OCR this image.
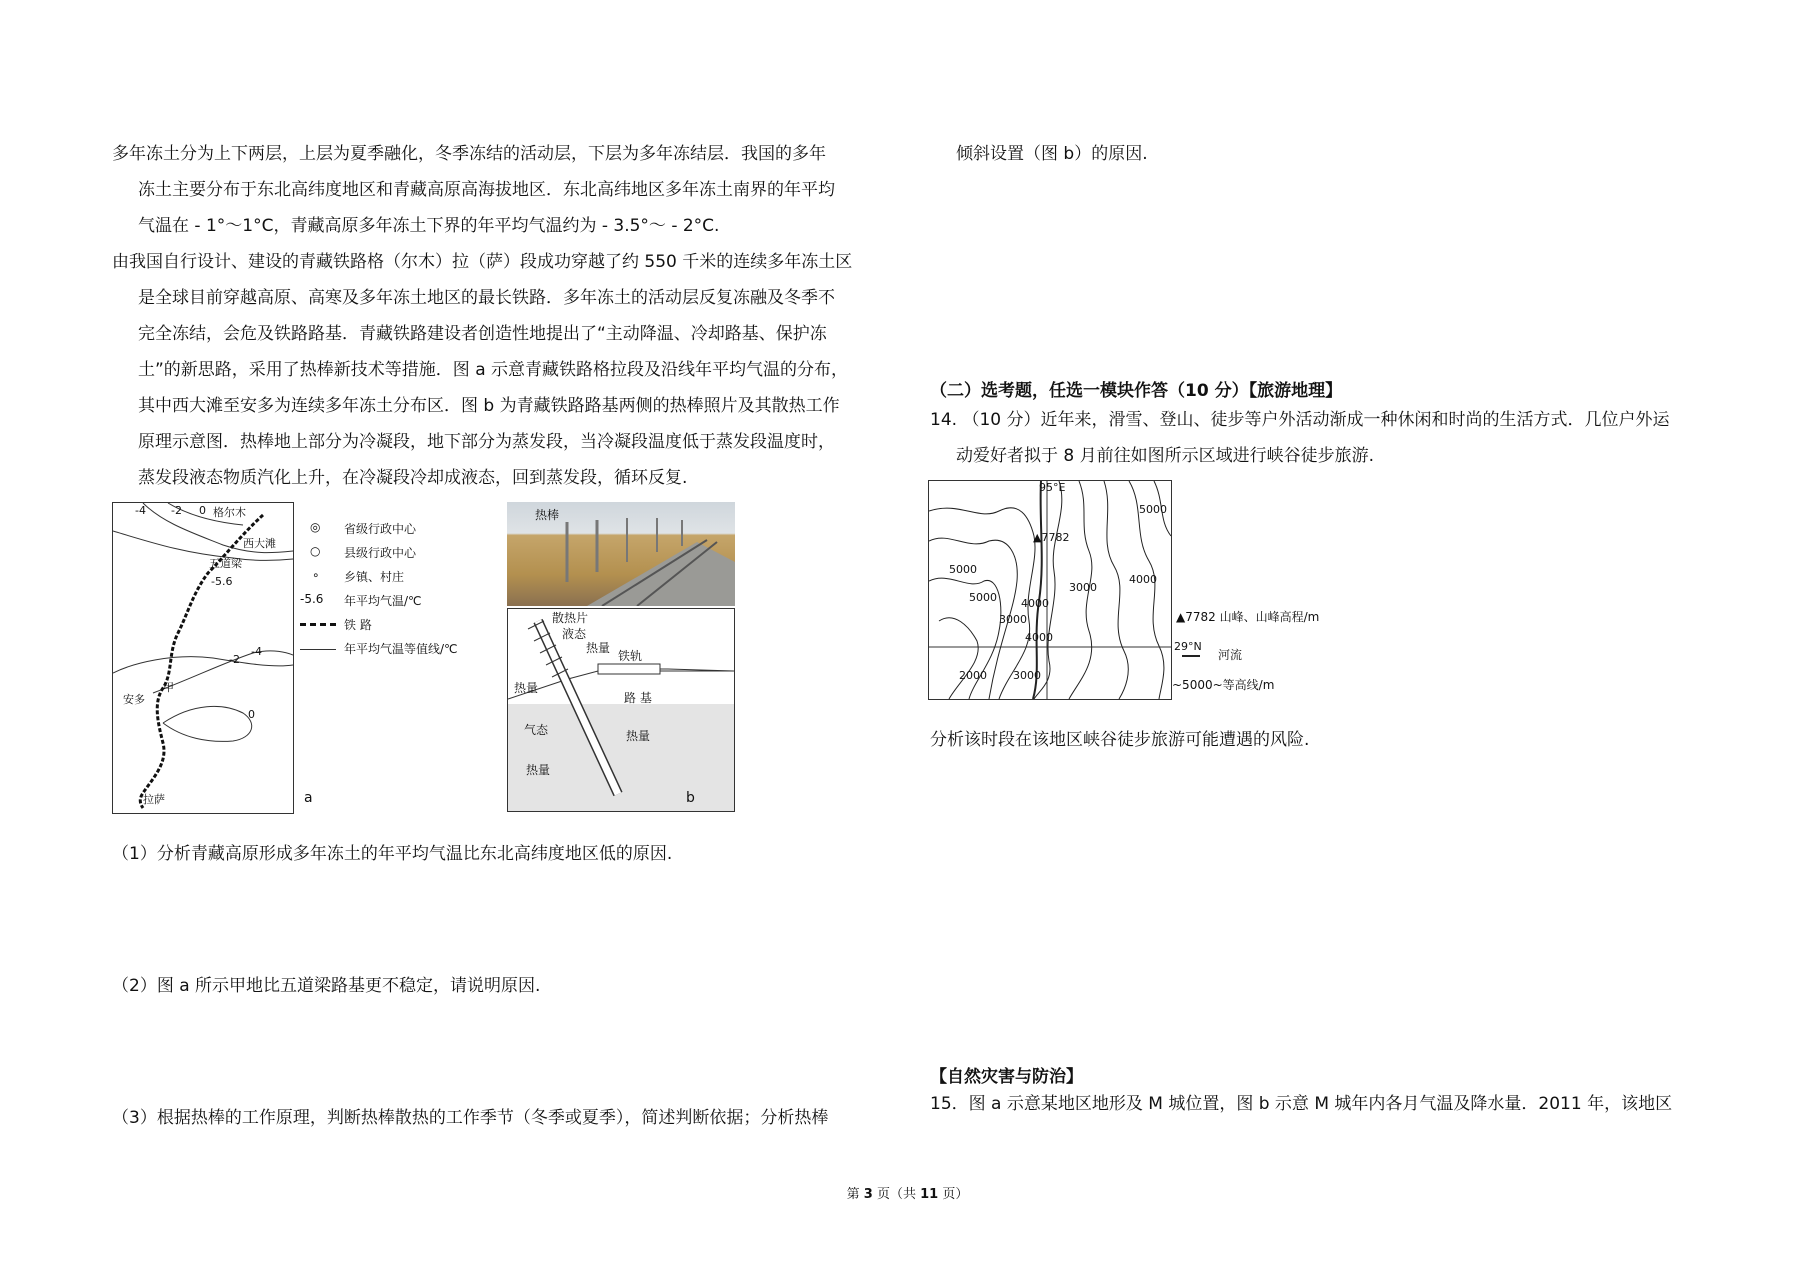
多年冻土分为上下两层，上层为夏季融化，冬季冻结的活动层，下层为多年冻结层．我国的多年
冻土主要分布于东北高纬度地区和青藏高原高海拔地区．东北高纬地区多年冻土南界的年平均
气温在 - 1°～1°C，青藏高原多年冻土下界的年平均气温约为 - 3.5°～ - 2°C.
由我国自行设计、建设的青藏铁路格（尔木）拉（萨）段成功穿越了约 550 千米的连续多年冻土区
是全球目前穿越高原、高寒及多年冻土地区的最长铁路．多年冻土的活动层反复冻融及冬季不
完全冻结，会危及铁路路基．青藏铁路建设者创造性地提出了“主动降温、冷却路基、保护冻
土”的新思路，采用了热棒新技术等措施．图 a 示意青藏铁路格拉段及沿线年平均气温的分布，
其中西大滩至安多为连续多年冻土分布区．图 b 为青藏铁路路基两侧的热棒照片及其散热工作
原理示意图．热棒地上部分为冷凝段，地下部分为蒸发段，当冷凝段温度低于蒸发段温度时，
蒸发段液态物质汽化上升，在冷凝段冷却成液态，回到蒸发段，循环反复.
-4 -2 0 格尔木
西大滩
五道梁
-5.6
-4
-2
安多
甲
0
拉萨	a
◎ 省级行政中心
○ 县级行政中心
∘ 乡镇、村庄
-5.6 年平均气温/℃
铁 路
年平均气温等值线/℃
热棒
散热片
液态
热量
铁轨
热量
路 基
气态	热量
热量
b
（1）分析青藏高原形成多年冻土的年平均气温比东北高纬度地区低的原因.
（2）图 a 所示甲地比五道梁路基更不稳定，请说明原因.
（3）根据热棒的工作原理，判断热棒散热的工作季节（冬季或夏季），简述判断依据；分析热棒
倾斜设置（图 b）的原因.
（二）选考题，任选一模块作答（10 分）【旅游地理】
14. （10 分）近年来，滑雪、登山、徒步等户外活动渐成一种休闲和时尚的生活方式．几位户外运
动爱好者拟于 8 月前往如图所示区域进行峡谷徒步旅游.
95°E
▲7782
5000
5000
4000
3000
4000
3000
4000
5000
2000 3000
29°N
▲7782 山峰、山峰高程/m
河流
~5000~等高线/m
分析该时段在该地区峡谷徒步旅游可能遭遇的风险.
【自然灾害与防治】
15．图 a 示意某地区地形及 M 城位置，图 b 示意 M 城年内各月气温及降水量．2011 年，该地区
第 3 页（共 11 页）
